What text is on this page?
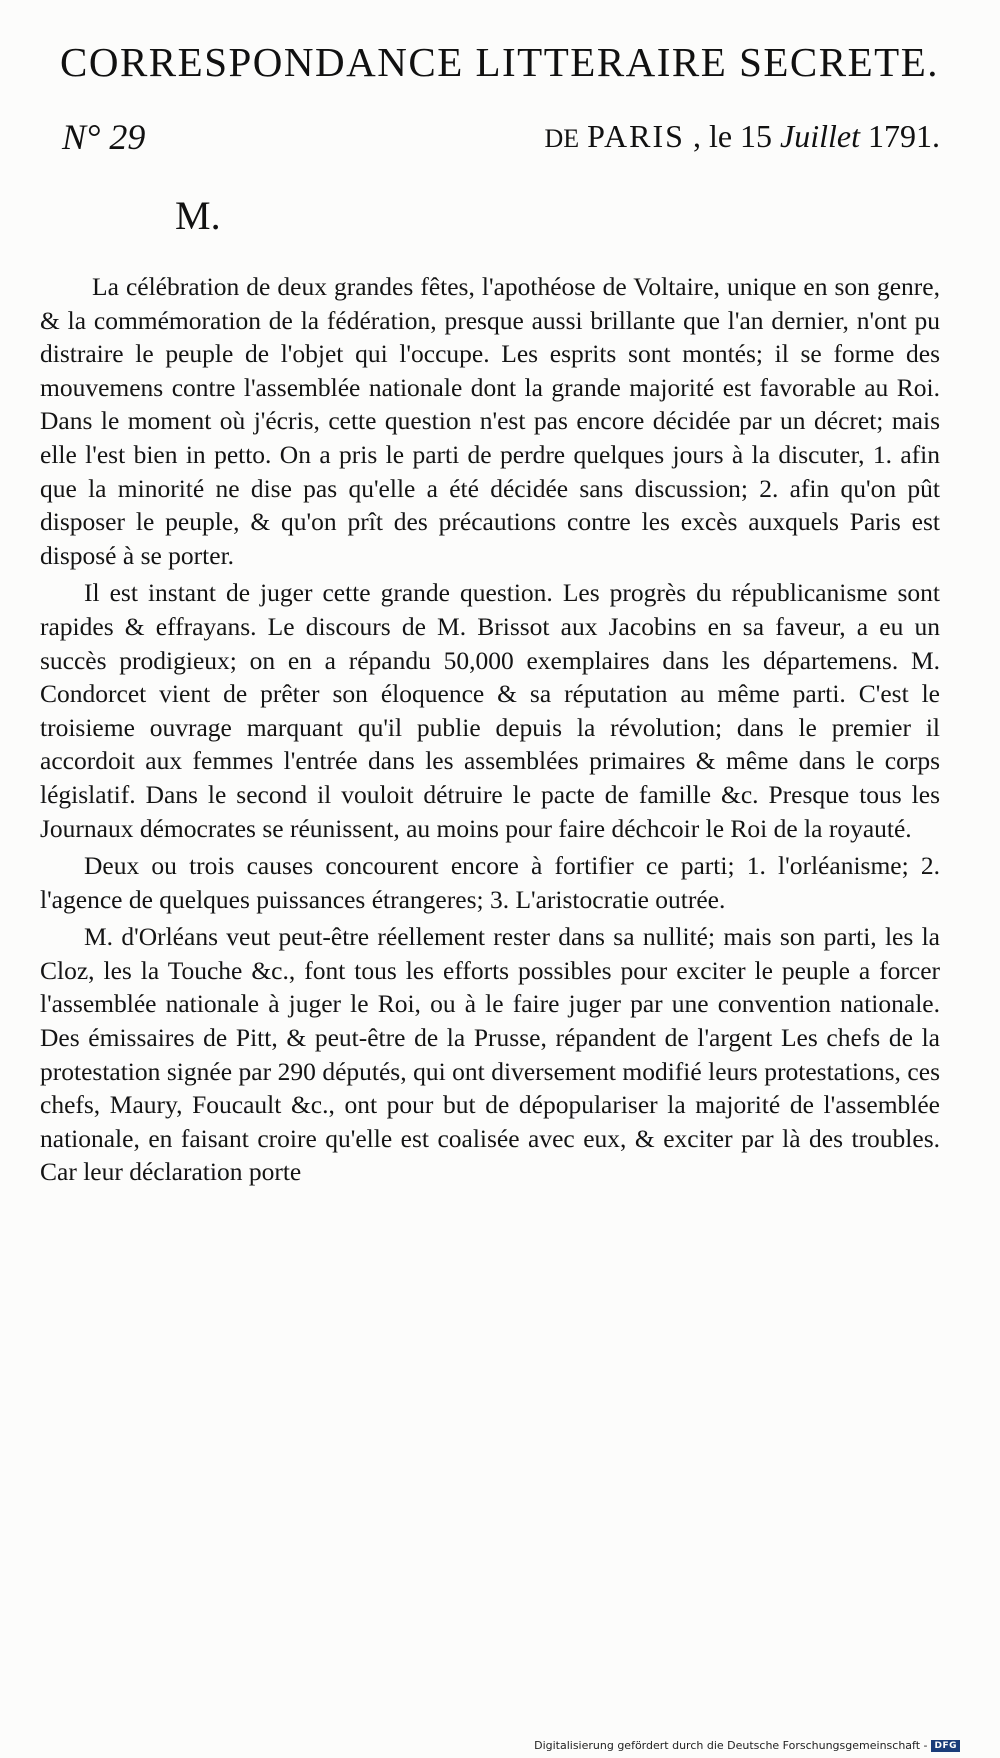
CORRESPONDANCE LITTERAIRE SECRETE.
N° 29	DE PARIS , le 15 Juillet 1791.
M.

La célébration de deux grandes fêtes, l'apothéose de Voltaire, unique en son genre, & la commémoration de la fédération, presque aussi brillante que l'an dernier, n'ont pu distraire le peuple de l'objet qui l'occupe. Les esprits sont montés; il se forme des mouvemens contre l'assemblée nationale dont la grande majorité est favorable au Roi. Dans le moment où j'écris, cette question n'est pas encore décidée par un décret; mais elle l'est bien in petto. On a pris le parti de perdre quelques jours à la discuter, 1. afin que la minorité ne dise pas qu'elle a été décidée sans discussion; 2. afin qu'on pût disposer le peuple, & qu'on prît des précautions contre les excès auxquels Paris est disposé à se porter.

Il est instant de juger cette grande question. Les progrès du républicanisme sont rapides & effrayans. Le discours de M. Brissot aux Jacobins en sa faveur, a eu un succès prodigieux; on en a répandu 50,000 exemplaires dans les départemens. M. Condorcet vient de prêter son éloquence & sa réputation au même parti. C'est le troisieme ouvrage marquant qu'il publie depuis la révolution; dans le premier il accordoit aux femmes l'entrée dans les assemblées primaires & même dans le corps législatif. Dans le second il vouloit détruire le pacte de famille &c. Presque tous les Journaux démocrates se réunissent, au moins pour faire déchcoir le Roi de la royauté.

Deux ou trois causes concourent encore à fortifier ce parti; 1. l'orléanisme; 2. l'agence de quelques puissances étrangeres; 3. L'aristocratie outrée.

M. d'Orléans veut peut-être réellement rester dans sa nullité; mais son parti, les la Cloz, les la Touche &c., font tous les efforts possibles pour exciter le peuple a forcer l'assemblée nationale à juger le Roi, ou à le faire juger par une convention nationale. Des émissaires de Pitt, & peut-être de la Prusse, répandent de l'argent Les chefs de la protestation signée par 290 députés, qui ont diversement modifié leurs protestations, ces chefs, Maury, Foucault &c., ont pour but de dépopulariser la majorité de l'assemblée nationale, en faisant croire qu'elle est coalisée avec eux, & exciter par là des troubles. Car leur déclaration porte

Digitalisierung gefördert durch die Deutsche Forschungsgemeinschaft - DFG
